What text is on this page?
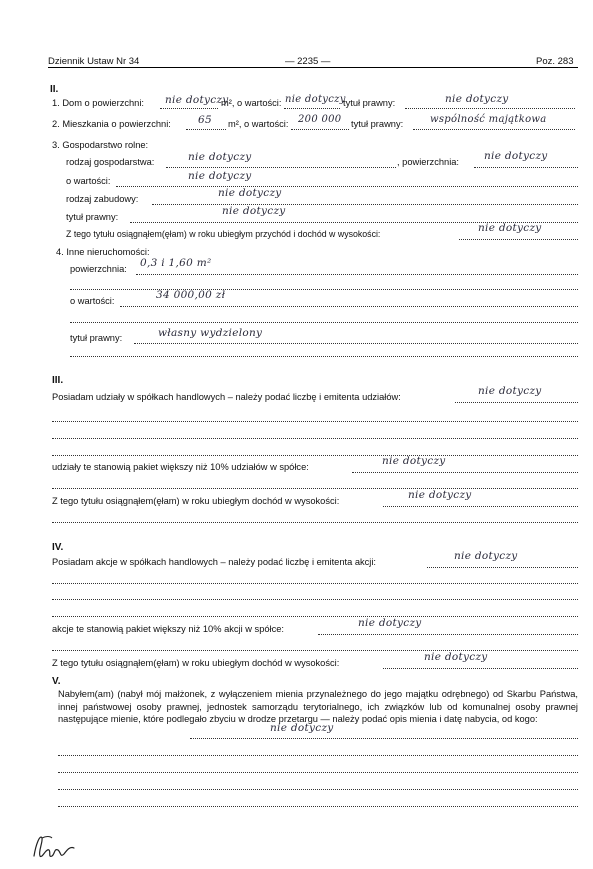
Dziennik Ustaw Nr 34	— 2235 —	Poz. 283
II.
1. Dom o powierzchni: nie dotyczy
m², o wartości: nie dotyczy
tytuł prawny:	nie dotyczy
2. Mieszkania o powierzchni:	65 m², o wartości: 200 000 tytuł prawny:	wspólność majątkowa
3. Gospodarstwo rolne:
rodzaj gospodarstwa:	nie dotyczy	, powierzchnia: nie dotyczy
o wartości:	nie dotyczy
rodzaj zabudowy:	nie dotyczy
tytuł prawny:	nie dotyczy
Z tego tytułu osiągnąłem(ęłam) w roku ubiegłym przychód i dochód w wysokości:	nie dotyczy
4. Inne nieruchomości:
powierzchnia: 0,3 i 1,60 m²
o wartości:	34 000,00 zł
tytuł prawny:	własny wydzielony
III.
Posiadam udziały w spółkach handlowych – należy podać liczbę i emitenta udziałów:	nie dotyczy
udziały te stanowią pakiet większy niż 10% udziałów w spółce:	nie dotyczy
Z tego tytułu osiągnąłem(ęłam) w roku ubiegłym dochód w wysokości:	nie dotyczy
IV.
Posiadam akcje w spółkach handlowych – należy podać liczbę i emitenta akcji:	nie dotyczy
akcje te stanowią pakiet większy niż 10% akcji w spółce:	nie dotyczy
Z tego tytułu osiągnąłem(ęłam) w roku ubiegłym dochód w wysokości:	nie dotyczy
V.
Nabyłem(am) (nabył mój małżonek, z wyłączeniem mienia przynależnego do jego majątku odrębnego) od Skarbu Państwa, innej państwowej osoby prawnej, jednostek samorządu terytorialnego, ich związków lub od komunalnej osoby prawnej następujące mienie, które podlegało zbyciu w drodze przetargu — należy podać opis mienia i datę nabycia, od kogo:
nie dotyczy
